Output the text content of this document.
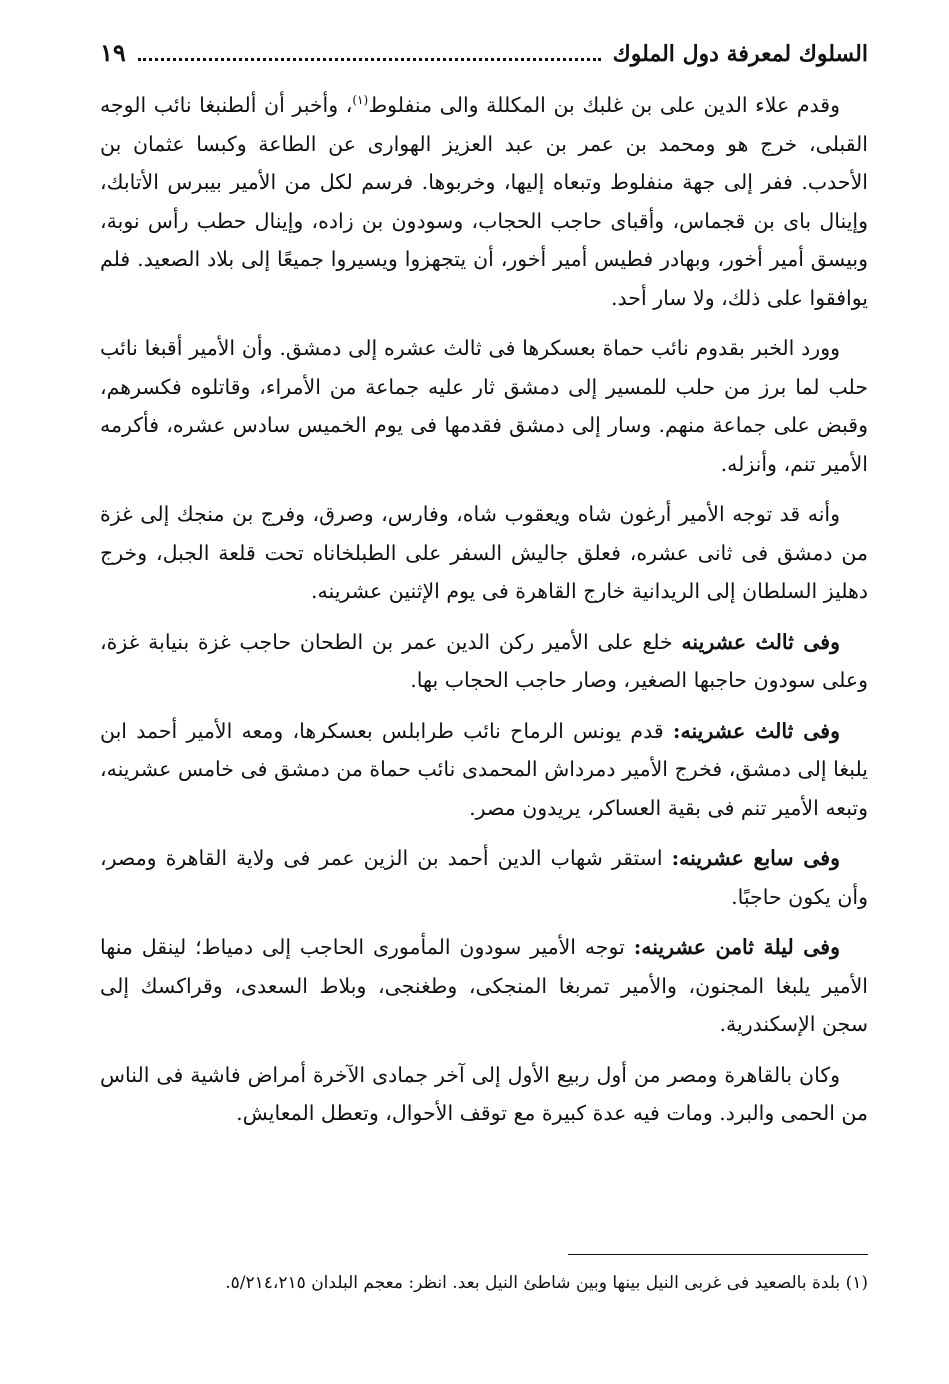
السلوك لمعرفة دول الملوك
١٩

وقدم علاء الدين على بن غلبك بن المكللة والى منفلوط$^{(١)}$، وأخبر أن ألطنبغا نائب الوجه القبلى، خرج هو ومحمد بن عمر بن عبد العزيز الهوارى عن الطاعة وكبسا عثمان بن الأحدب. ففر إلى جهة منفلوط وتبعاه إليها، وخربوها. فرسم لكل من الأمير بيبرس الأتابك، وإينال باى بن قجماس، وأقباى حاجب الحجاب، وسودون بن زاده، وإينال حطب رأس نوبة، وبيسق أمير أخور، وبهادر فطيس أمير أخور، أن يتجهزوا ويسيروا جميعًا إلى بلاد الصعيد. فلم يوافقوا على ذلك، ولا سار أحد.

وورد الخبر بقدوم نائب حماة بعسكرها فى ثالث عشره إلى دمشق. وأن الأمير أقبغا نائب حلب لما برز من حلب للمسير إلى دمشق ثار عليه جماعة من الأمراء، وقاتلوه فكسرهم، وقبض على جماعة منهم. وسار إلى دمشق فقدمها فى يوم الخميس سادس عشره، فأكرمه الأمير تنم، وأنزله.

وأنه قد توجه الأمير أرغون شاه ويعقوب شاه، وفارس، وصرق، وفرج بن منجك إلى غزة من دمشق فى ثانى عشره، فعلق جاليش السفر على الطبلخاناه تحت قلعة الجبل، وخرج دهليز السلطان إلى الريدانية خارج القاهرة فى يوم الإثنين عشرينه.

وفى ثالث عشرينه خلع على الأمير ركن الدين عمر بن الطحان حاجب غزة بنيابة غزة، وعلى سودون حاجبها الصغير، وصار حاجب الحجاب بها.

وفى ثالث عشرينه: قدم يونس الرماح نائب طرابلس بعسكرها، ومعه الأمير أحمد ابن يلبغا إلى دمشق، فخرج الأمير دمرداش المحمدى نائب حماة من دمشق فى خامس عشرينه، وتبعه الأمير تنم فى بقية العساكر، يريدون مصر.

وفى سابع عشرينه: استقر شهاب الدين أحمد بن الزين عمر فى ولاية القاهرة ومصر، وأن يكون حاجبًا.

وفى ليلة ثامن عشرينه: توجه الأمير سودون المأمورى الحاجب إلى دمياط؛ لينقل منها الأمير يلبغا المجنون، والأمير تمربغا المنجكى، وطغنجى، وبلاط السعدى، وقراكسك إلى سجن الإسكندرية.

وكان بالقاهرة ومصر من أول ربيع الأول إلى آخر جمادى الآخرة أمراض فاشية فى الناس من الحمى والبرد. ومات فيه عدة كبيرة مع توقف الأحوال، وتعطل المعايش.

(١) بلدة بالصعيد فى غربى النيل بينها وبين شاطئ النيل بعد. انظر: معجم البلدان ٥/٢١٤،٢١٥.
